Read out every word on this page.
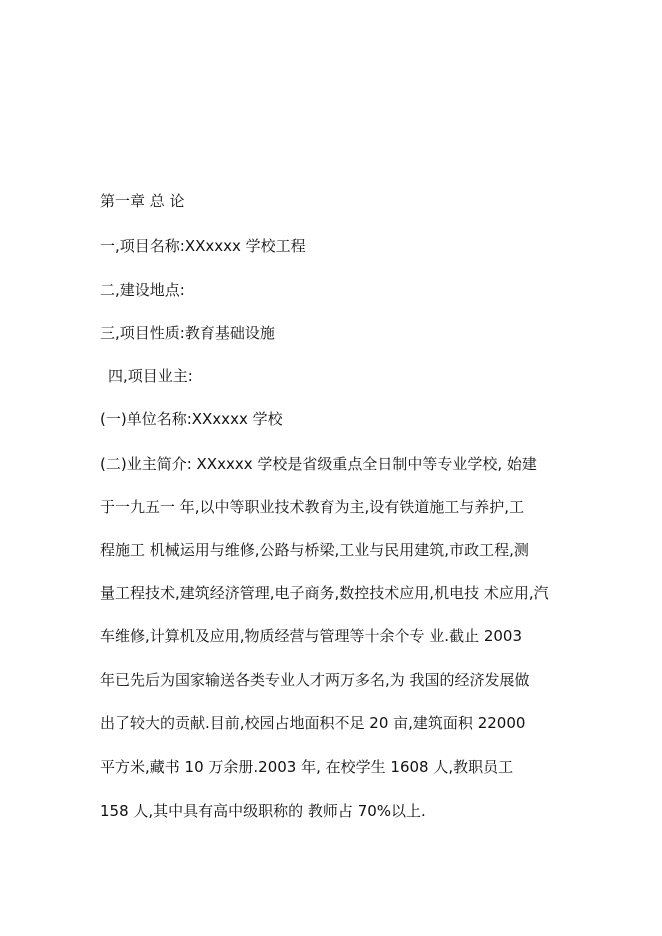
第一章 总 论
一,项目名称:XXxxxx 学校工程
二,建设地点:
三,项目性质:教育基础设施
四,项目业主:
(一)单位名称:XXxxxx 学校
(二)业主简介: XXxxxx 学校是省级重点全日制中等专业学校, 始建
于一九五一 年,以中等职业技术教育为主,设有铁道施工与养护,工
程施工 机械运用与维修,公路与桥梁,工业与民用建筑,市政工程,测
量工程技术,建筑经济管理,电子商务,数控技术应用,机电技 术应用,汽
车维修,计算机及应用,物质经营与管理等十余个专 业.截止 2003
年已先后为国家输送各类专业人才两万多名,为 我国的经济发展做
出了较大的贡献.目前,校园占地面积不足 20 亩,建筑面积 22000
平方米,藏书 10 万余册.2003 年, 在校学生 1608 人,教职员工
158 人,其中具有高中级职称的 教师占 70%以上.
